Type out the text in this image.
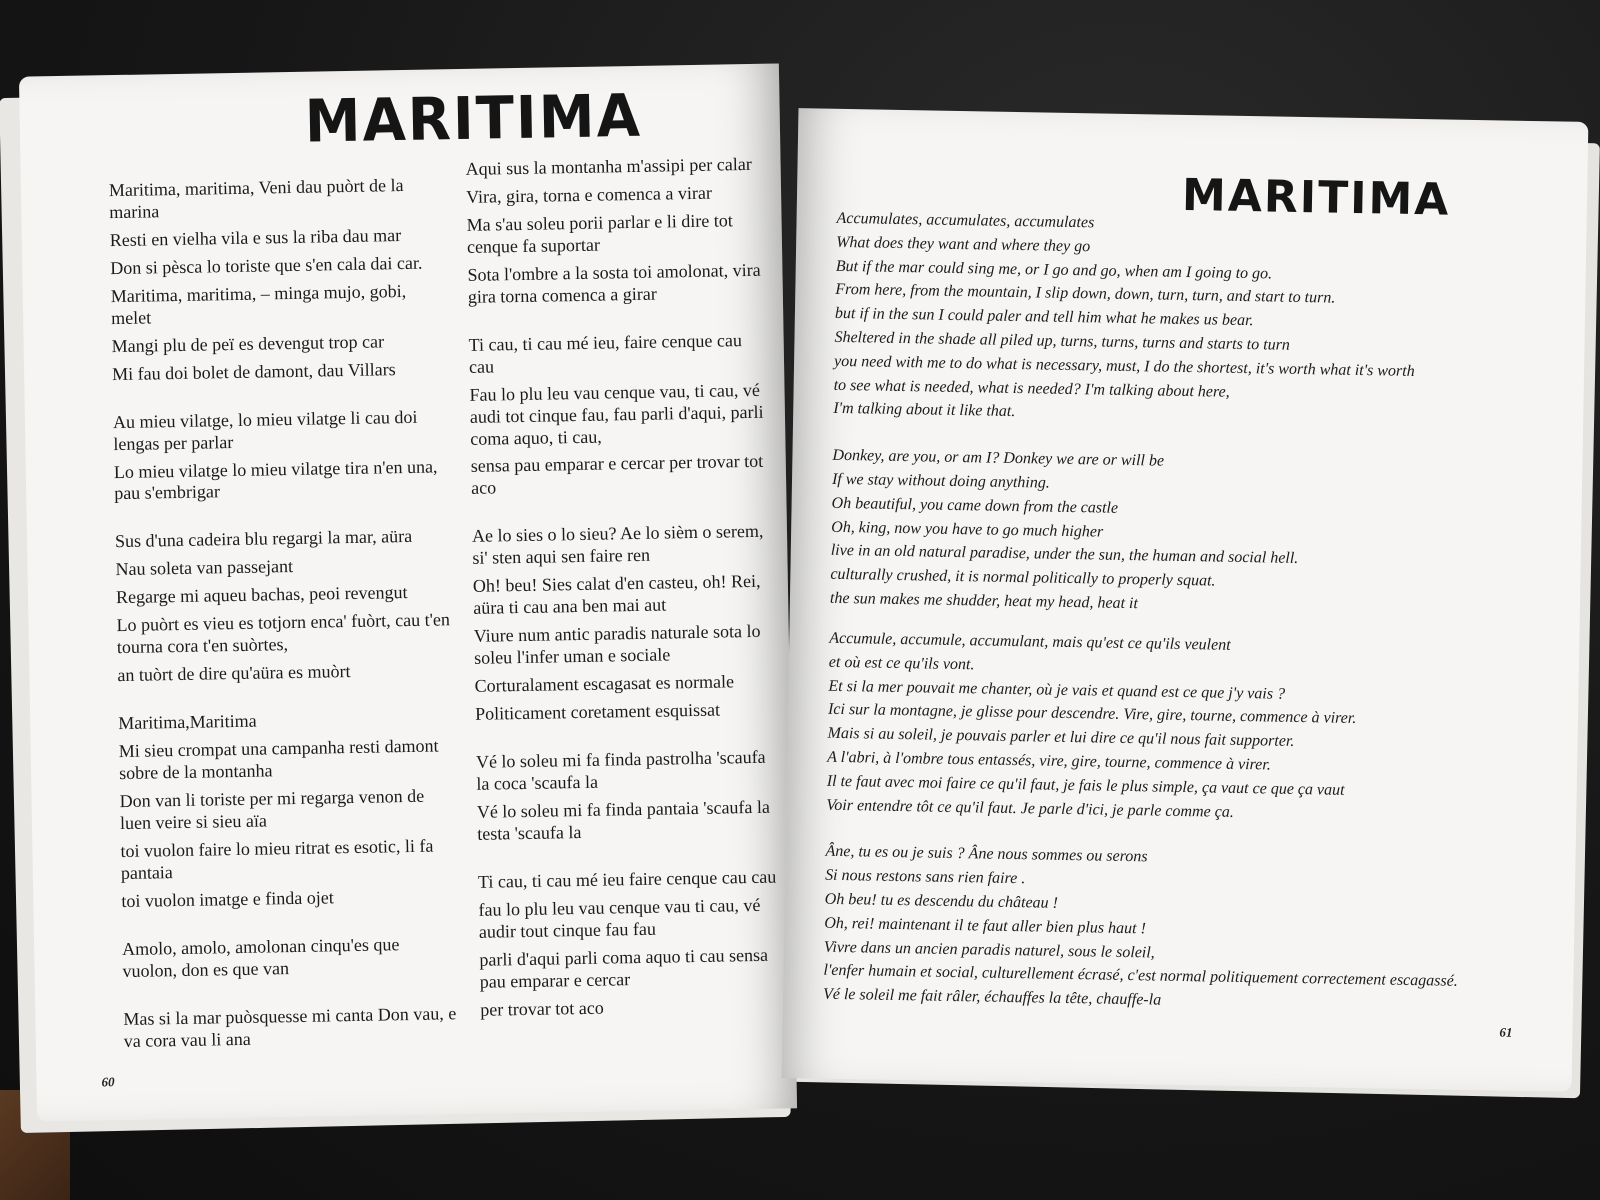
MARITIMA

Maritima, maritima, Veni dau puòrt de la marina

Resti en vielha vila e sus la riba dau mar

Don si pèsca lo toriste que s'en cala dai car.

Maritima, maritima, – minga mujo, gobi, melet

Mangi plu de peï es devengut trop car

Mi fau doi bolet de damont, dau Villars

Au mieu vilatge, lo mieu vilatge li cau doi lengas per parlar

Lo mieu vilatge lo mieu vilatge tira n'en una, pau s'embrigar

Sus d'una cadeira blu regargi la mar, aüra

Nau soleta van passejant

Regarge mi aqueu bachas, peoi revengut

Lo puòrt es vieu es totjorn enca' fuòrt, cau t'en tourna cora t'en suòrtes,

an tuòrt de dire qu'aüra es muòrt

Maritima,Maritima

Mi sieu crompat una campanha resti damont sobre de la montanha

Don van li toriste per mi regarga venon de luen veire si sieu aïa

toi vuolon faire lo mieu ritrat es esotic, li fa pantaia

toi vuolon imatge e finda ojet

Amolo, amolo, amolonan cinqu'es que vuolon, don es que van

Mas si la mar puòsquesse mi canta Don vau, e va cora vau li ana

Aqui sus la montanha m'assipi per calar

Vira, gira, torna e comenca a virar

Ma s'au soleu porii parlar e li dire tot cenque fa suportar

Sota l'ombre a la sosta toi amolonat, vira gira torna comenca a girar

Ti cau, ti cau mé ieu, faire cenque cau cau

Fau lo plu leu vau cenque vau, ti cau, vé audi tot cinque fau, fau parli d'aqui, parli coma aquo, ti cau,

sensa pau emparar e cercar per trovar tot aco

Ae lo sies o lo sieu? Ae lo sièm o serem, si' sten aqui sen faire ren

Oh! beu! Sies calat d'en casteu, oh! Rei, aüra ti cau ana ben mai aut

Viure num antic paradis naturale sota lo soleu l'infer uman e sociale

Corturalament escagasat es normale

Politicament coretament esquissat

Vé lo soleu mi fa finda pastrolha 'scaufa la coca 'scaufa la

Vé lo soleu mi fa finda pantaia 'scaufa la testa 'scaufa la

Ti cau, ti cau mé ieu faire cenque cau cau

fau lo plu leu vau cenque vau ti cau, vé audir tout cinque fau fau

parli d'aqui parli coma aquo ti cau sensa pau emparar e cercar

per trovar tot aco

60
MARITIMA

Accumulates, accumulates, accumulates

What does they want and where they go

But if the mar could sing me, or I go and go, when am I going to go.

From here, from the mountain, I slip down, down, turn, turn, and start to turn.

but if in the sun I could paler and tell him what he makes us bear.

Sheltered in the shade all piled up, turns, turns, turns and starts to turn

you need with me to do what is necessary, must, I do the shortest, it's worth what it's worth

to see what is needed, what is needed? I'm talking about here,

I'm talking about it like that.

Donkey, are you, or am I? Donkey we are or will be

If we stay without doing anything.

Oh beautiful, you came down from the castle

Oh, king, now you have to go much higher

live in an old natural paradise, under the sun, the human and social hell.

culturally crushed, it is normal politically to properly squat.

the sun makes me shudder, heat my head, heat it

Accumule, accumule, accumulant, mais qu'est ce qu'ils veulent

et où est ce qu'ils vont.

Et si la mer pouvait me chanter, où je vais et quand est ce que j'y vais ?

Ici sur la montagne, je glisse pour descendre. Vire, gire, tourne, commence à virer.

Mais si au soleil, je pouvais parler et lui dire ce qu'il nous fait supporter.

A l'abri, à l'ombre tous entassés, vire, gire, tourne, commence à virer.

Il te faut avec moi faire ce qu'il faut, je fais le plus simple, ça vaut ce que ça vaut

Voir entendre tôt ce qu'il faut. Je parle d'ici, je parle comme ça.

Âne, tu es ou je suis ? Âne nous sommes ou serons

Si nous restons sans rien faire .

Oh beu! tu es descendu du château !

Oh, rei! maintenant il te faut aller bien plus haut !

Vivre dans un ancien paradis naturel, sous le soleil,

l'enfer humain et social, culturellement écrasé, c'est normal politiquement correctement escagassé.

Vé le soleil me fait râler, échauffes la tête, chauffe-la

61
